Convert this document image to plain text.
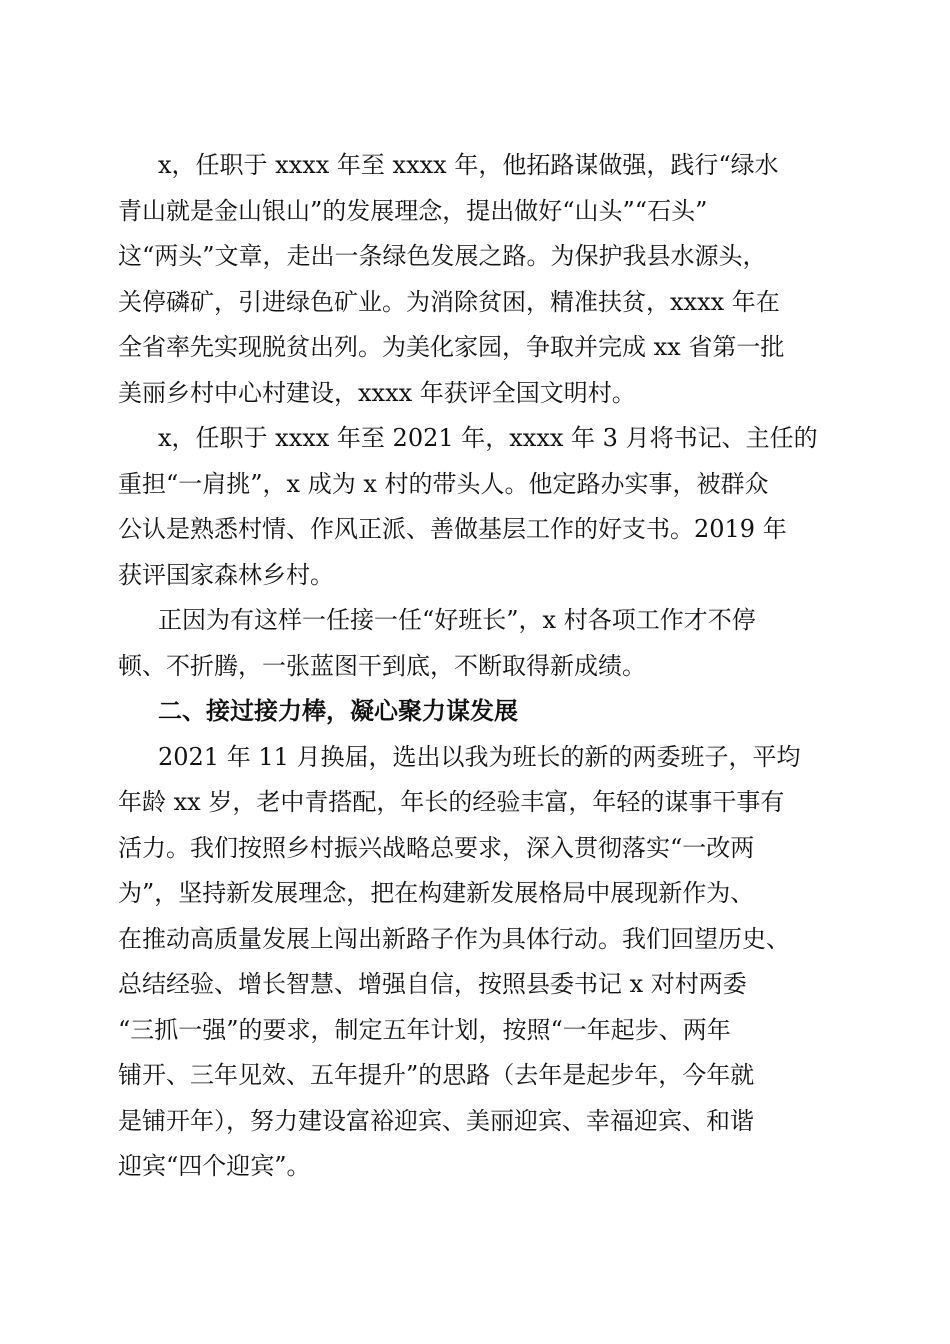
x，任职于 xxxx 年至 xxxx 年，他拓路谋做强，践行“绿水
青山就是金山银山”的发展理念，提出做好“山头”“石头”
这“两头”文章，走出一条绿色发展之路。为保护我县水源头，
关停磷矿，引进绿色矿业。为消除贫困，精准扶贫，xxxx 年在
全省率先实现脱贫出列。为美化家园，争取并完成 xx 省第一批
美丽乡村中心村建设，xxxx 年获评全国文明村。
x，任职于 xxxx 年至 2021 年，xxxx 年 3 月将书记、主任的
重担“一肩挑”，x 成为 x 村的带头人。他定路办实事，被群众
公认是熟悉村情、作风正派、善做基层工作的好支书。2019 年
获评国家森林乡村。
正因为有这样一任接一任“好班长”，x 村各项工作才不停
顿、不折腾，一张蓝图干到底，不断取得新成绩。
二、接过接力棒，凝心聚力谋发展
2021 年 11 月换届，选出以我为班长的新的两委班子，平均
年龄 xx 岁，老中青搭配，年长的经验丰富，年轻的谋事干事有
活力。我们按照乡村振兴战略总要求，深入贯彻落实“一改两
为”，坚持新发展理念，把在构建新发展格局中展现新作为、
在推动高质量发展上闯出新路子作为具体行动。我们回望历史、
总结经验、增长智慧、增强自信，按照县委书记 x 对村两委
“三抓一强”的要求，制定五年计划，按照“一年起步、两年
铺开、三年见效、五年提升”的思路（去年是起步年，今年就
是铺开年），努力建设富裕迎宾、美丽迎宾、幸福迎宾、和谐
迎宾“四个迎宾”。
